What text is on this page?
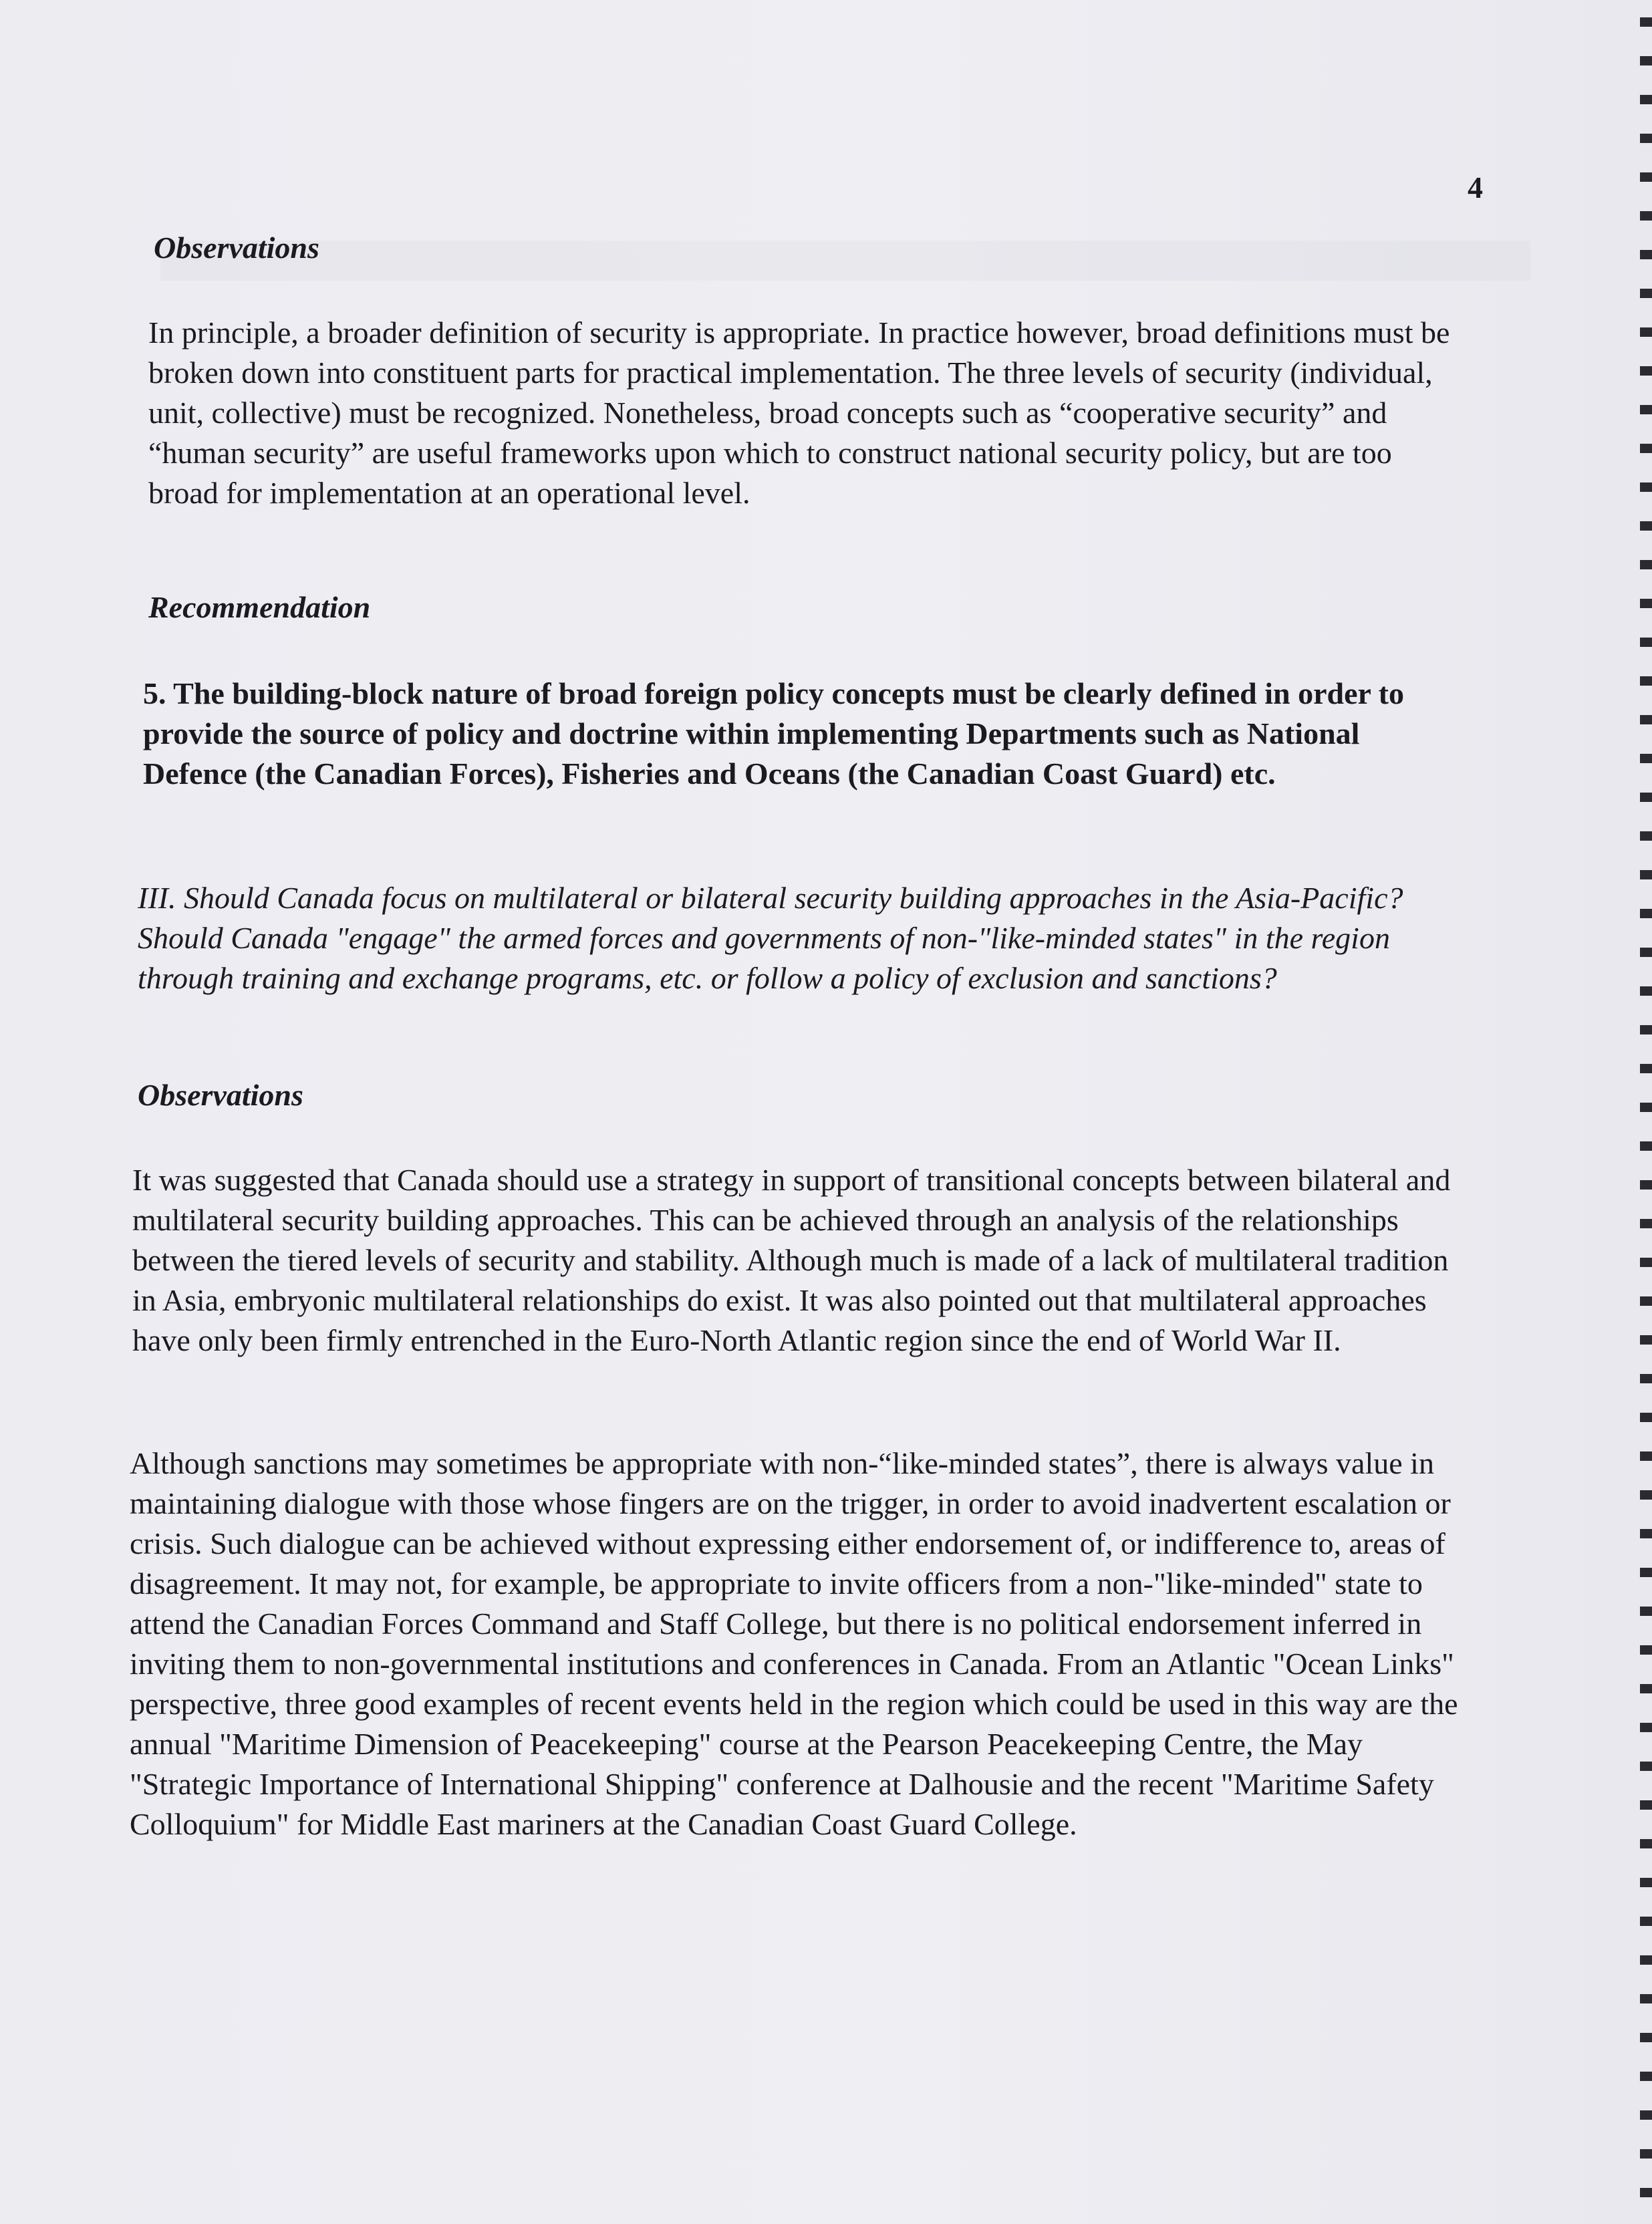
4
Observations

In principle, a broader definition of security is appropriate. In practice however, broad definitions must be broken down into constituent parts for practical implementation. The three levels of security (individual, unit, collective) must be recognized. Nonetheless, broad concepts such as “cooperative security” and “human security” are useful frameworks upon which to construct national security policy, but are too broad for implementation at an operational level.

Recommendation

5. The building-block nature of broad foreign policy concepts must be clearly defined in order to provide the source of policy and doctrine within implementing Departments such as National Defence (the Canadian Forces), Fisheries and Oceans (the Canadian Coast Guard) etc.

III. Should Canada focus on multilateral or bilateral security building approaches in the Asia-Pacific? Should Canada "engage" the armed forces and governments of non-"like-minded states" in the region through training and exchange programs, etc. or follow a policy of exclusion and sanctions?

Observations

It was suggested that Canada should use a strategy in support of transitional concepts between bilateral and multilateral security building approaches. This can be achieved through an analysis of the relationships between the tiered levels of security and stability. Although much is made of a lack of multilateral tradition in Asia, embryonic multilateral relationships do exist. It was also pointed out that multilateral approaches have only been firmly entrenched in the Euro-North Atlantic region since the end of World War II.

Although sanctions may sometimes be appropriate with non-“like-minded states”, there is always value in maintaining dialogue with those whose fingers are on the trigger, in order to avoid inadvertent escalation or crisis. Such dialogue can be achieved without expressing either endorsement of, or indifference to, areas of disagreement. It may not, for example, be appropriate to invite officers from a non-"like-minded" state to attend the Canadian Forces Command and Staff College, but there is no political endorsement inferred in inviting them to non-governmental institutions and conferences in Canada. From an Atlantic "Ocean Links" perspective, three good examples of recent events held in the region which could be used in this way are the annual "Maritime Dimension of Peacekeeping" course at the Pearson Peacekeeping Centre, the May "Strategic Importance of International Shipping" conference at Dalhousie and the recent "Maritime Safety Colloquium" for Middle East mariners at the Canadian Coast Guard College.
